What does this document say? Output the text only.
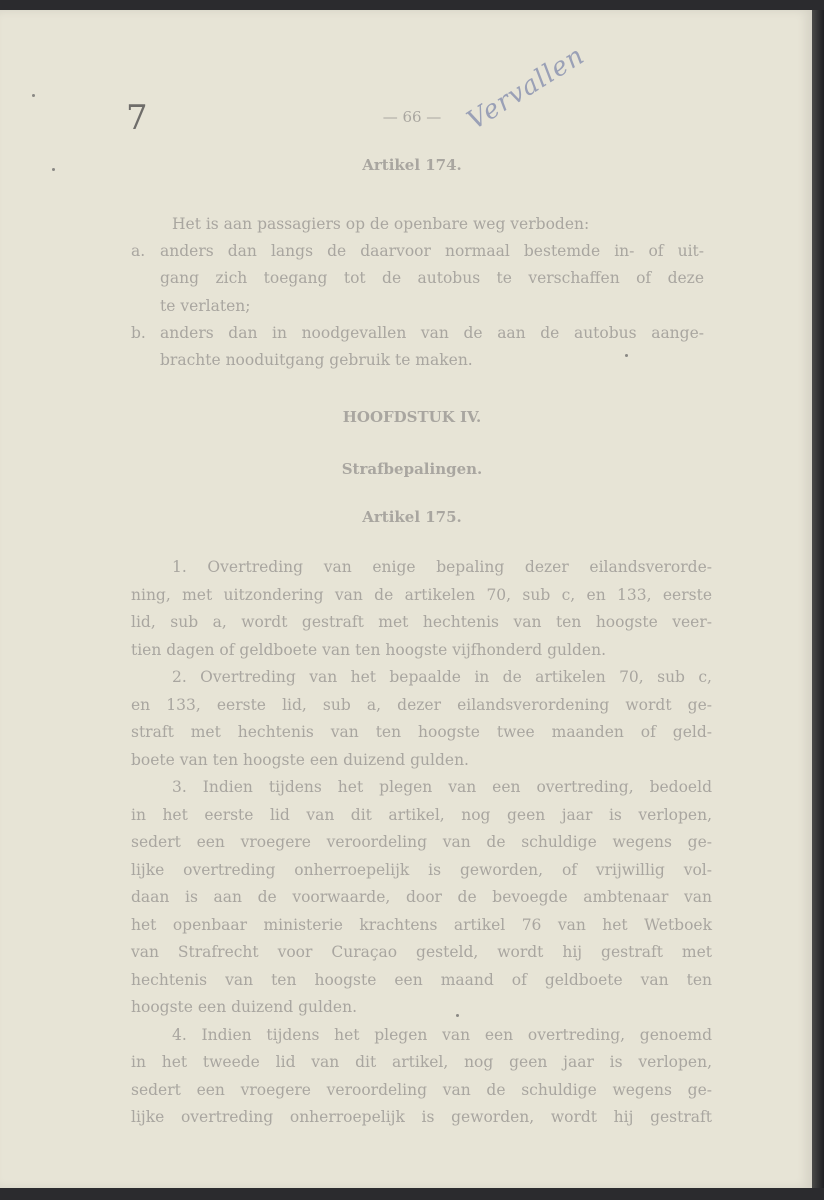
7	— 66 —
Artikel 174.
Vervallen
Het is aan passagiers op de openbare weg verboden:
a. anders dan langs de daarvoor normaal bestemde in- of uit-
gang zich toegang tot de autobus te verschaffen of deze
te verlaten;
b. anders dan in noodgevallen van de aan de autobus aange-
brachte nooduitgang gebruik te maken.
HOOFDSTUK IV.
Strafbepalingen.
Artikel 175.
1. Overtreding van enige bepaling dezer eilandsverorde-
ning, met uitzondering van de artikelen 70, sub c, en 133, eerste
lid, sub a, wordt gestraft met hechtenis van ten hoogste veer-
tien dagen of geldboete van ten hoogste vijfhonderd gulden.
2. Overtreding van het bepaalde in de artikelen 70, sub c,
en 133, eerste lid, sub a, dezer eilandsverordening wordt ge-
straft met hechtenis van ten hoogste twee maanden of geld-
boete van ten hoogste een duizend gulden.
3. Indien tijdens het plegen van een overtreding, bedoeld
in het eerste lid van dit artikel, nog geen jaar is verlopen,
sedert een vroegere veroordeling van de schuldige wegens ge-
lijke overtreding onherroepelijk is geworden, of vrijwillig vol-
daan is aan de voorwaarde, door de bevoegde ambtenaar van
het openbaar ministerie krachtens artikel 76 van het Wetboek
van Strafrecht voor Curaçao gesteld, wordt hij gestraft met
hechtenis van ten hoogste een maand of geldboete van ten
hoogste een duizend gulden.
4. Indien tijdens het plegen van een overtreding, genoemd
in het tweede lid van dit artikel, nog geen jaar is verlopen,
sedert een vroegere veroordeling van de schuldige wegens ge-
lijke overtreding onherroepelijk is geworden, wordt hij gestraft
